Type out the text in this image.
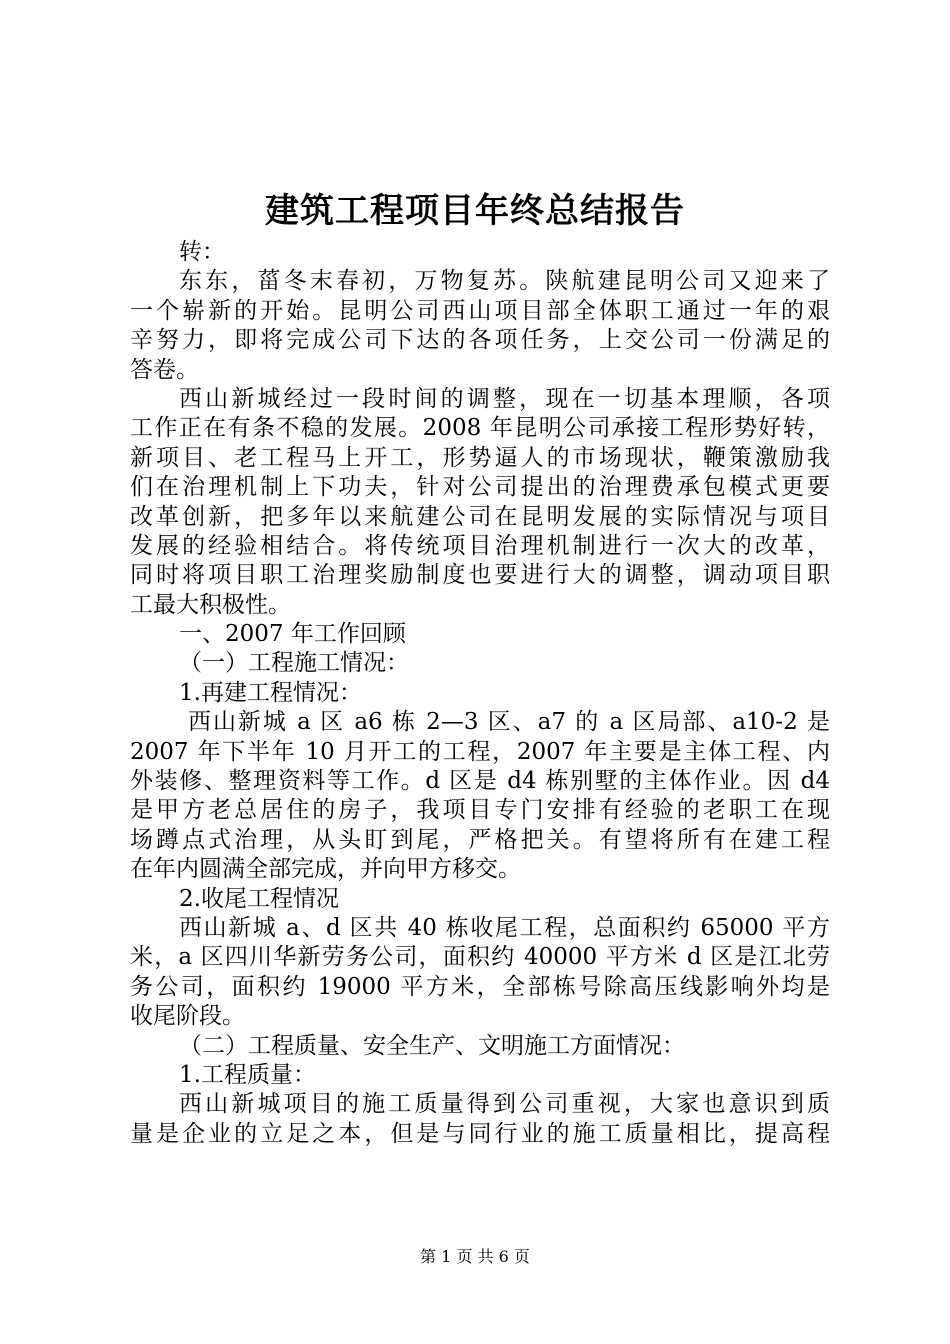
建筑工程项目年终总结报告
转：
东东，菑冬末春初，万物复苏。陕航建昆明公司又迎来了
一个崭新的开始。昆明公司西山项目部全体职工通过一年的艰
辛努力，即将完成公司下达的各项任务，上交公司一份满足的
答卷。
西山新城经过一段时间的调整，现在一切基本理顺，各项
工作正在有条不稳的发展。2008 年昆明公司承接工程形势好转，
新项目、老工程马上开工，形势逼人的市场现状，鞭策激励我
们在治理机制上下功夫，针对公司提出的治理费承包模式更要
改革创新，把多年以来航建公司在昆明发展的实际情况与项目
发展的经验相结合。将传统项目治理机制进行一次大的改革，
同时将项目职工治理奖励制度也要进行大的调整，调动项目职
工最大积极性。
一、2007 年工作回顾
（一）工程施工情况：
1.再建工程情况：
西山新城 a 区 a6 栋 2—3 区、a7 的 a 区局部、a10-2 是
2007 年下半年 10 月开工的工程，2007 年主要是主体工程、内
外装修、整理资料等工作。d 区是 d4 栋别墅的主体作业。因 d4
是甲方老总居住的房子，我项目专门安排有经验的老职工在现
场蹲点式治理，从头盯到尾，严格把关。有望将所有在建工程
在年内圆满全部完成，并向甲方移交。
2.收尾工程情况
西山新城 a、d 区共 40 栋收尾工程，总面积约 65000 平方
米，a 区四川华新劳务公司，面积约 40000 平方米 d 区是江北劳
务公司，面积约 19000 平方米，全部栋号除高压线影响外均是
收尾阶段。
（二）工程质量、安全生产、文明施工方面情况：
1.工程质量：
西山新城项目的施工质量得到公司重视，大家也意识到质
量是企业的立足之本，但是与同行业的施工质量相比，提高程
第 1 页 共 6 页
